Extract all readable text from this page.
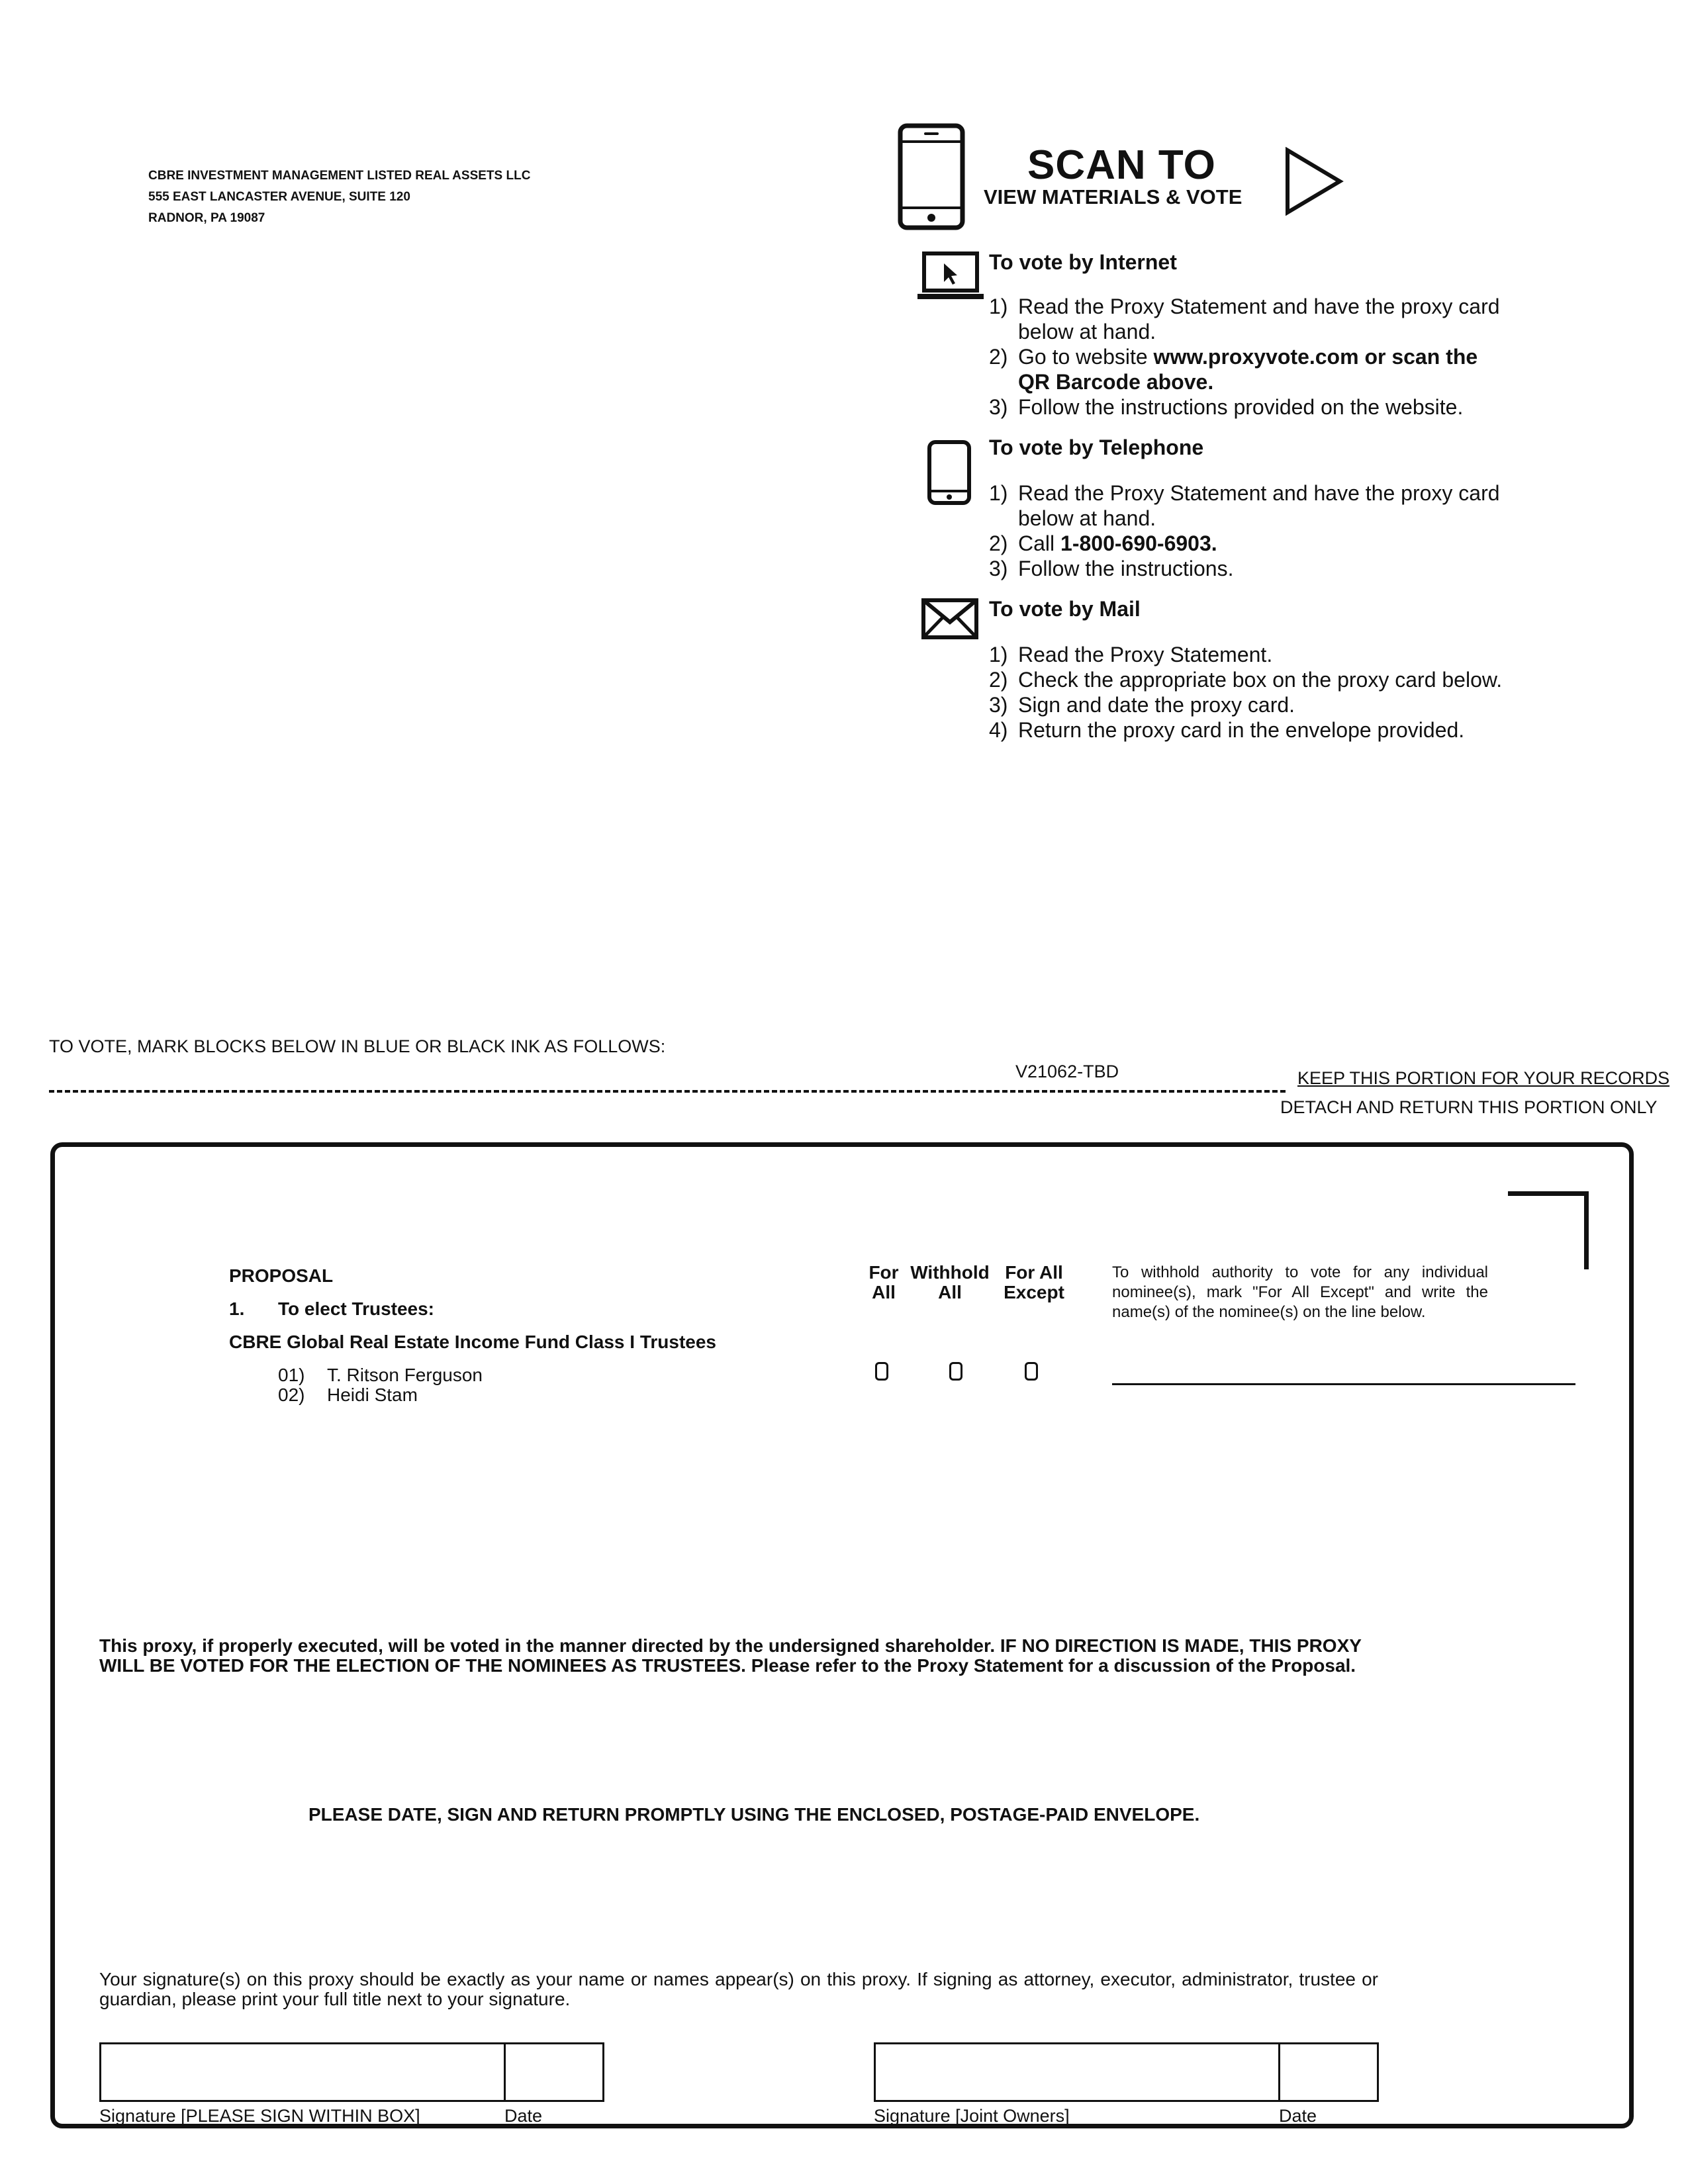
CBRE INVESTMENT MANAGEMENT LISTED REAL ASSETS LLC
555 EAST LANCASTER AVENUE, SUITE 120
RADNOR, PA 19087
SCAN TO
VIEW MATERIALS & VOTE
To vote by Internet
1) Read the Proxy Statement and have the proxy card below at hand.
2) Go to website www.proxyvote.com or scan the QR Barcode above.
3) Follow the instructions provided on the website.
To vote by Telephone
1) Read the Proxy Statement and have the proxy card below at hand.
2) Call 1-800-690-6903.
3) Follow the instructions.
To vote by Mail
1) Read the Proxy Statement.
2) Check the appropriate box on the proxy card below.
3) Sign and date the proxy card.
4) Return the proxy card in the envelope provided.
TO VOTE, MARK BLOCKS BELOW IN BLUE OR BLACK INK AS FOLLOWS:
V21062-TBD	KEEP THIS PORTION FOR YOUR RECORDS
DETACH AND RETURN THIS PORTION ONLY
PROPOSAL
1. To elect Trustees:
CBRE Global Real Estate Income Fund Class I Trustees
01) T. Ritson Ferguson
02) Heidi Stam
For
All
Withhold
All
For All
Except
To withhold authority to vote for any individual nominee(s), mark "For All Except" and write the name(s) of the nominee(s) on the line below.
This proxy, if properly executed, will be voted in the manner directed by the undersigned shareholder. IF NO DIRECTION IS MADE, THIS PROXY WILL BE VOTED FOR THE ELECTION OF THE NOMINEES AS TRUSTEES. Please refer to the Proxy Statement for a discussion of the Proposal.
PLEASE DATE, SIGN AND RETURN PROMPTLY USING THE ENCLOSED, POSTAGE-PAID ENVELOPE.
Your signature(s) on this proxy should be exactly as your name or names appear(s) on this proxy. If signing as attorney, executor, administrator, trustee or guardian, please print your full title next to your signature.
Signature [PLEASE SIGN WITHIN BOX]	Date	Signature [Joint Owners]	Date
